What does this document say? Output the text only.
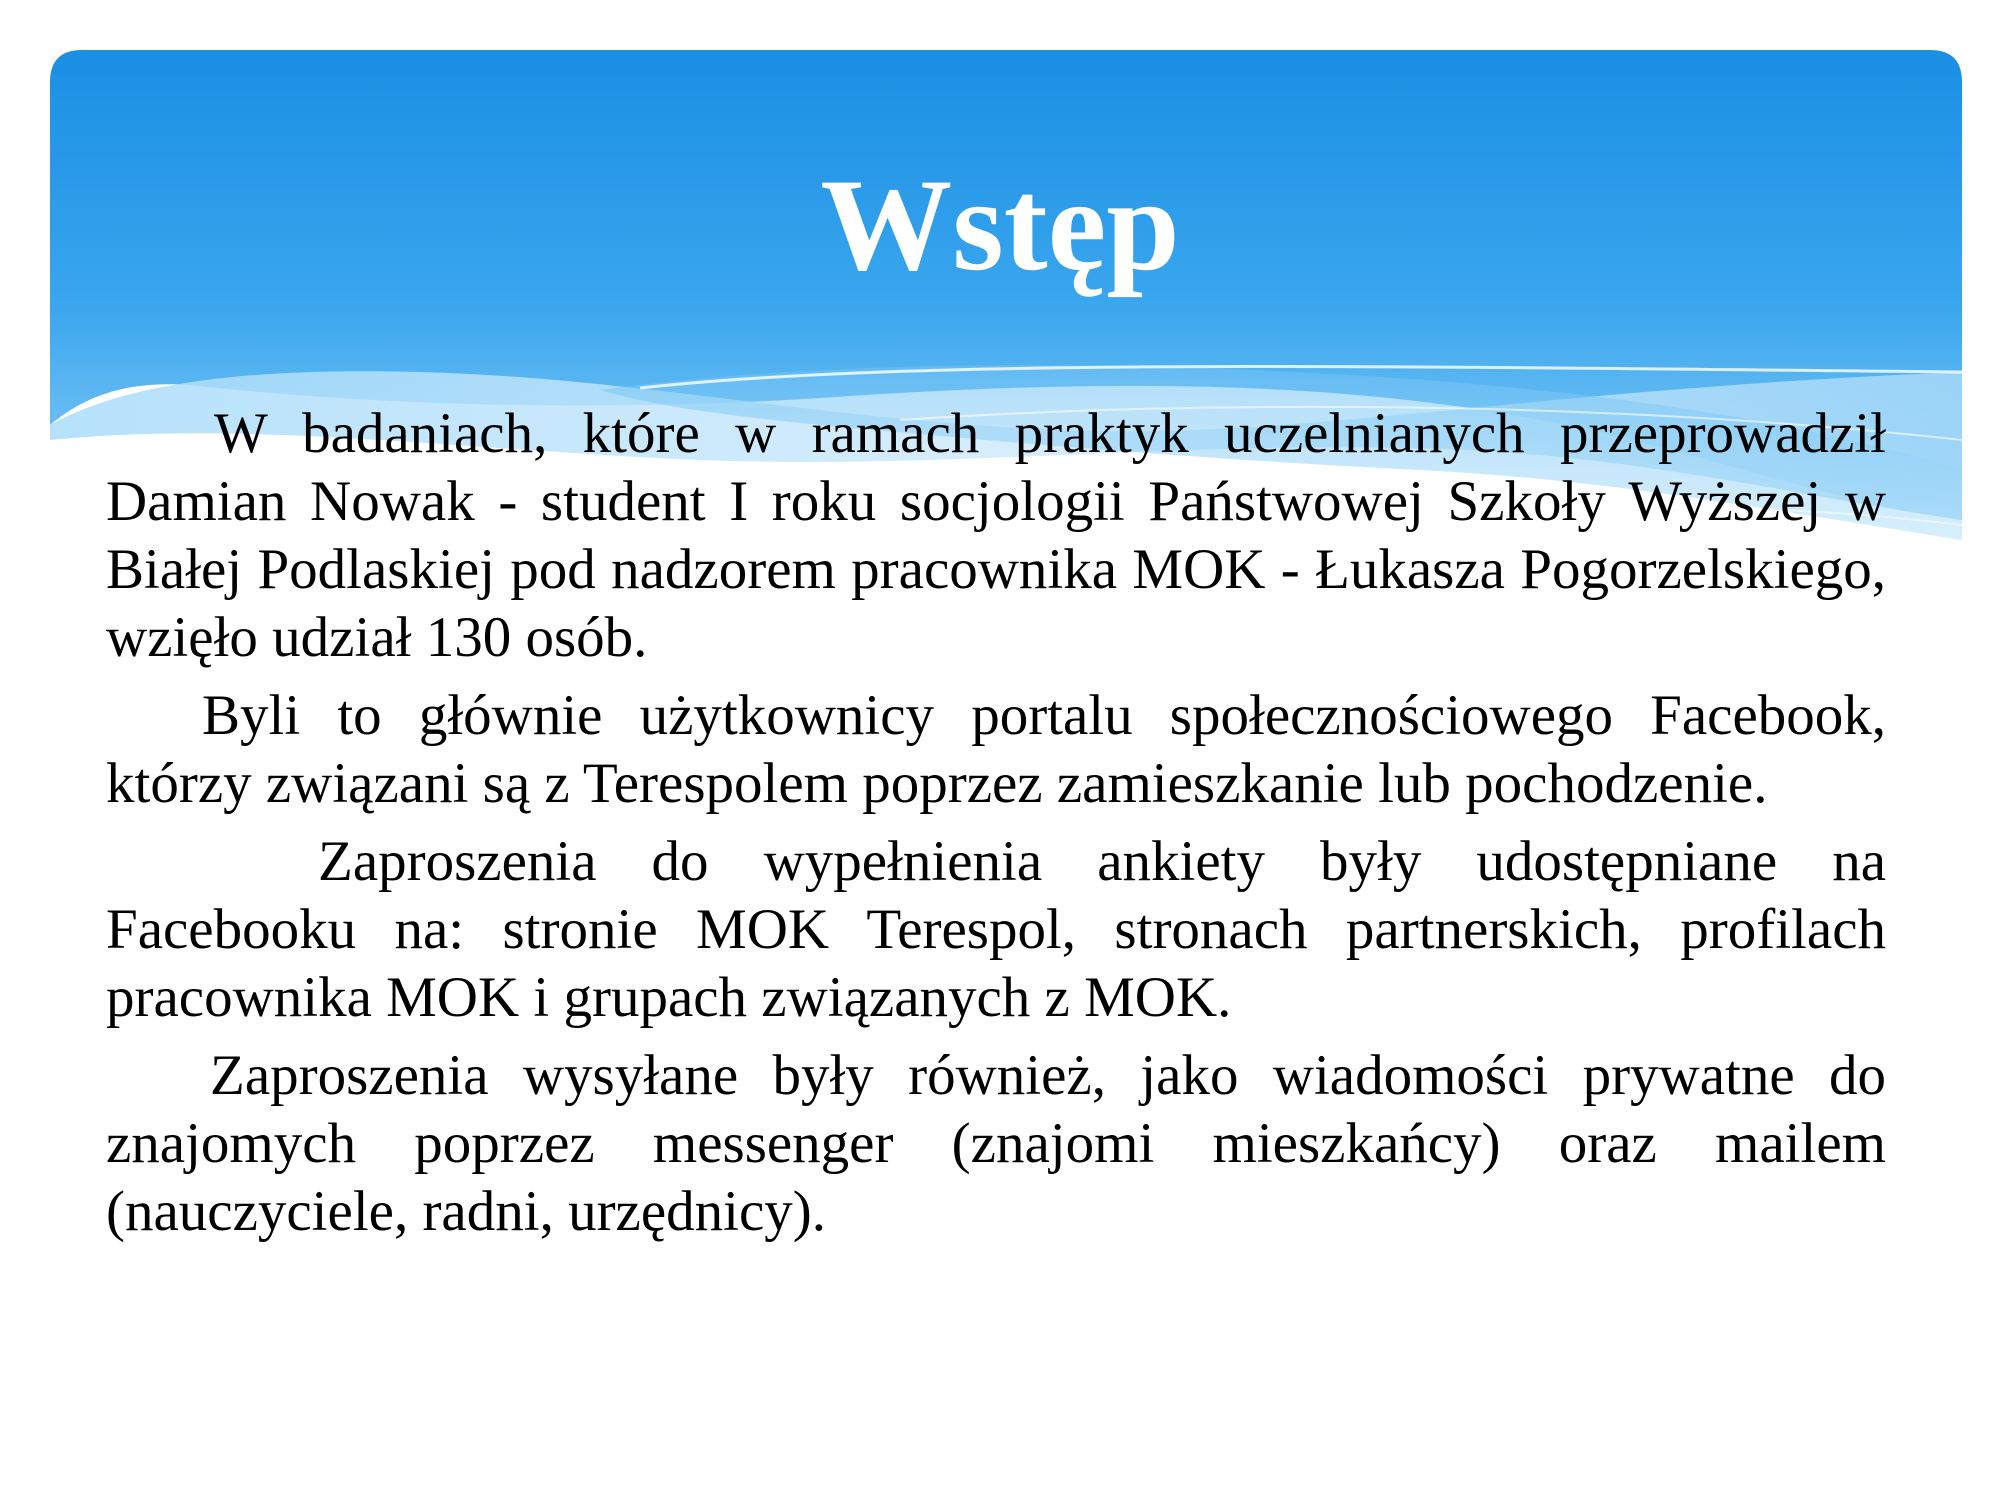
Wstęp

W badaniach, które w ramach praktyk uczelnianych przeprowadził Damian Nowak - student I roku socjologii Państwowej Szkoły Wyższej w Białej Podlaskiej pod nadzorem pracownika MOK - Łukasza Pogorzelskiego, wzięło udział 130 osób.

Byli to głównie użytkownicy portalu społecznościowego Facebook, którzy związani są z Terespolem poprzez zamieszkanie lub pochodzenie.

Zaproszenia do wypełnienia ankiety były udostępniane na Facebooku na: stronie MOK Terespol, stronach partnerskich, profilach pracownika MOK i grupach związanych z MOK.

Zaproszenia wysyłane były również, jako wiadomości prywatne do znajomych poprzez messenger (znajomi mieszkańcy) oraz mailem (nauczyciele, radni, urzędnicy).
